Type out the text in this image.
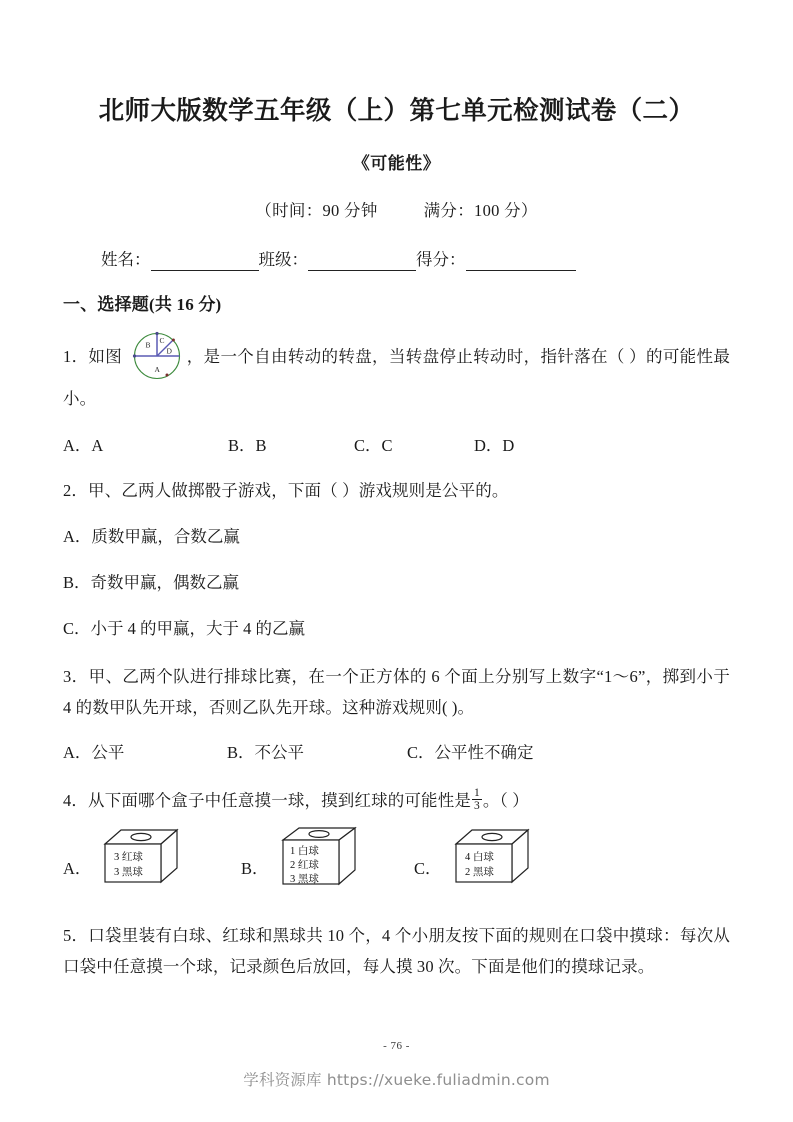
北师大版数学五年级（上）第七单元检测试卷（二）
《可能性》
（时间：90 分钟	满分：100 分）
姓名：	班级：	得分：
一、选择题(共 16 分)
1．如图
B C
D
A
，是一个自由转动的转盘，当转盘停止转动时，指针落在（ ）的可能性最小。
A．A	B．B	C．C	D．D
2．甲、乙两人做掷骰子游戏，下面（ ）游戏规则是公平的。
A．质数甲赢，合数乙赢
B．奇数甲赢，偶数乙赢
C．小于 4 的甲赢，大于 4 的乙赢
3．甲、乙两个队进行排球比赛，在一个正方体的 6 个面上分别写上数字“1～6”，掷到小于 4 的数甲队先开球，否则乙队先开球。这种游戏规则( )。
A．公平	B．不公平	C．公平性不确定
4．从下面哪个盒子中任意摸一球，摸到红球的可能性是 $\frac{1}{3}$ 。（ ）
A．
3 红球
3 黑球	B．
1 白球
2 红球
3 黑球
C．
4 白球
2 黑球
5．口袋里装有白球、红球和黑球共 10 个，4 个小朋友按下面的规则在口袋中摸球：每次从口袋中任意摸一个球，记录颜色后放回，每人摸 30 次。下面是他们的摸球记录。
- 76 -
学科资源库 https://xueke.fuliadmin.com
